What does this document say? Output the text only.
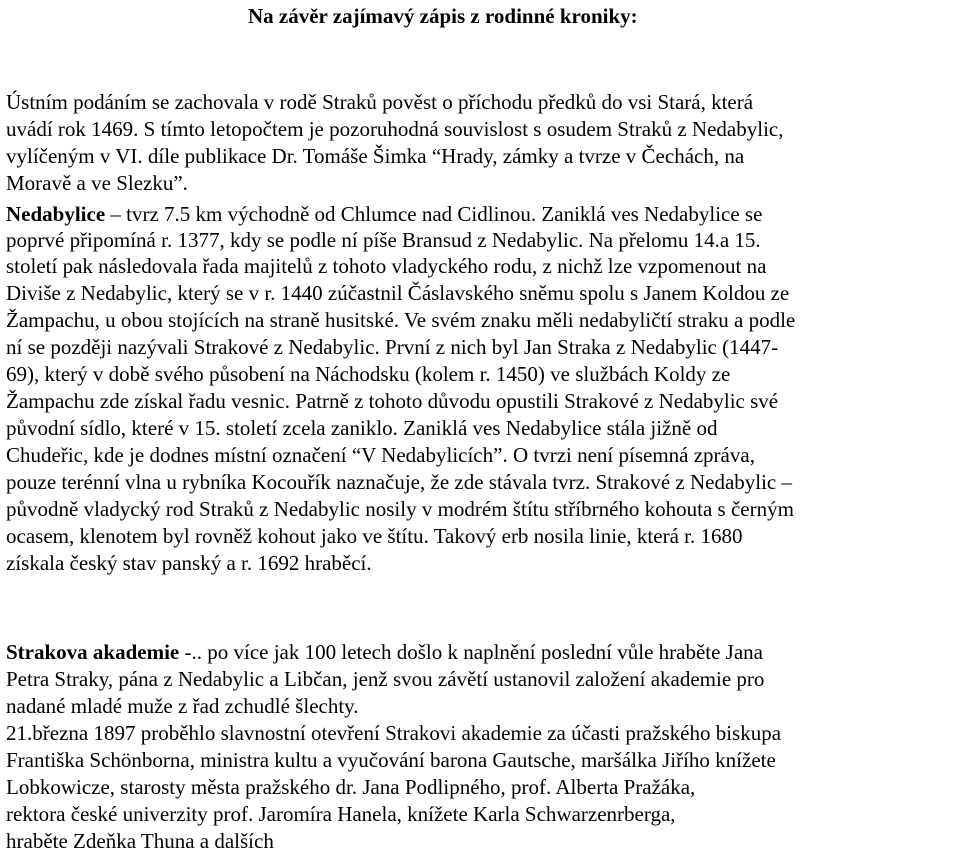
Na závěr zajímavý zápis z rodinné kroniky:
Ústním podáním se zachovala v rodě Straků pověst o příchodu předků do vsi Stará, která
uvádí rok 1469. S tímto letopočtem je pozoruhodná souvislost s osudem Straků z Nedabylic,
vylíčeným v VI. díle publikace Dr. Tomáše Šimka “Hrady, zámky a tvrze v Čechách, na
Moravě a ve Slezku”.
Nedabylice – tvrz 7.5 km východně od Chlumce nad Cidlinou. Zaniklá ves Nedabylice se
poprvé připomíná r. 1377, kdy se podle ní píše Bransud z Nedabylic. Na přelomu 14.a 15.
století pak následovala řada majitelů z tohoto vladyckého rodu, z nichž lze vzpomenout na
Diviše z Nedabylic, který se v r. 1440 zúčastnil Čáslavského sněmu spolu s Janem Koldou ze
Žampachu, u obou stojících na straně husitské. Ve svém znaku měli nedabyličtí straku a podle
ní se později nazývali Strakové z Nedabylic. První z nich byl Jan Straka z Nedabylic (1447-
69), který v době svého působení na Náchodsku (kolem r. 1450) ve službách Koldy ze
Žampachu zde získal řadu vesnic. Patrně z tohoto důvodu opustili Strakové z Nedabylic své
původní sídlo, které v 15. století zcela zaniklo. Zaniklá ves Nedabylice stála jižně od
Chudeřic, kde je dodnes místní označení “V Nedabylicích”. O tvrzi není písemná zpráva,
pouze terénní vlna u rybníka Kocouřík naznačuje, že zde stávala tvrz. Strakové z Nedabylic –
původně vladycký rod Straků z Nedabylic nosily v modrém štítu stříbrného kohouta s černým
ocasem, klenotem byl rovněž kohout jako ve štítu. Takový erb nosila linie, která r. 1680
získala český stav panský a r. 1692 hraběcí.
Strakova akademie -.. po více jak 100 letech došlo k naplnění poslední vůle hraběte Jana
Petra Straky, pána z Nedabylic a Libčan, jenž svou závětí ustanovil založení akademie pro
nadané mladé muže z řad zchudlé šlechty.
21.března 1897 proběhlo slavnostní otevření Strakovi akademie za účasti pražského biskupa
Františka Schönborna, ministra kultu a vyučování barona Gautsche, maršálka Jiřího knížete
Lobkowicze, starosty města pražského dr. Jana Podlipného, prof. Alberta Pražáka,
rektora české univerzity prof. Jaromíra Hanela, knížete Karla Schwarzenrberga,
hraběte Zdeňka Thuna a dalších
